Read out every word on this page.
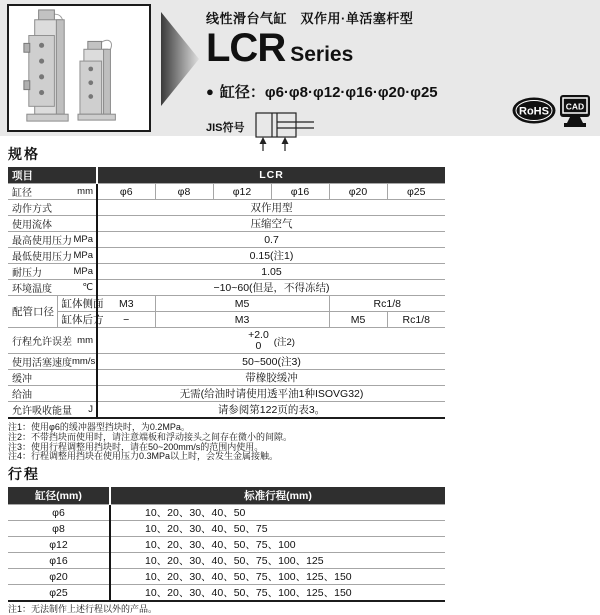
线性滑台气缸　双作用·单活塞杆型
LCR Series
● 缸径：φ6·φ8·φ12·φ16·φ20·φ25
JIS符号
RoHS CAD
规格
项目		LCR					

缸径 mm		φ6	φ8	φ12	φ16	φ20	φ25

动作方式		双作用型					

使用流体		压缩空气					

最高使用压力 MPa		0.7					

最低使用压力 MPa		0.15(注1)					

耐压力 MPa		1.05					

环境温度 ℃		−10~60(但是，不得冻结)					
配管口径	缸体侧面	M3	M5			Rc1/8	
	缸体后方	−	M3			M5	Rc1/8

行程允许误差 mm		+2.0
0 (注2)					

使用活塞速度 mm/s		50~500(注3)					

缓冲		带橡胶缓冲					

给油		无需(给油时请使用透平油1种ISOVG32)					

允许吸收能量 J		请参阅第122页的表3。					
注1：使用φ6的缓冲器型挡块时，为0.2MPa。
注2：不带挡块而使用时，请注意端板和浮动接头之间存在微小的间隙。
注3：使用行程调整用挡块时，请在50~200mm/s的范围内使用。
注4：行程调整用挡块在使用压力0.3MPa以上时，会发生金属接触。
行程
缸径(mm)	标准行程(mm)
φ6	10、20、30、40、50
φ8	10、20、30、40、50、75
φ12	10、20、30、40、50、75、100
φ16	10、20、30、40、50、75、100、125
φ20	10、20、30、40、50、75、100、125、150
φ25	10、20、30、40、50、75、100、125、150
注1：无法制作上述行程以外的产品。
